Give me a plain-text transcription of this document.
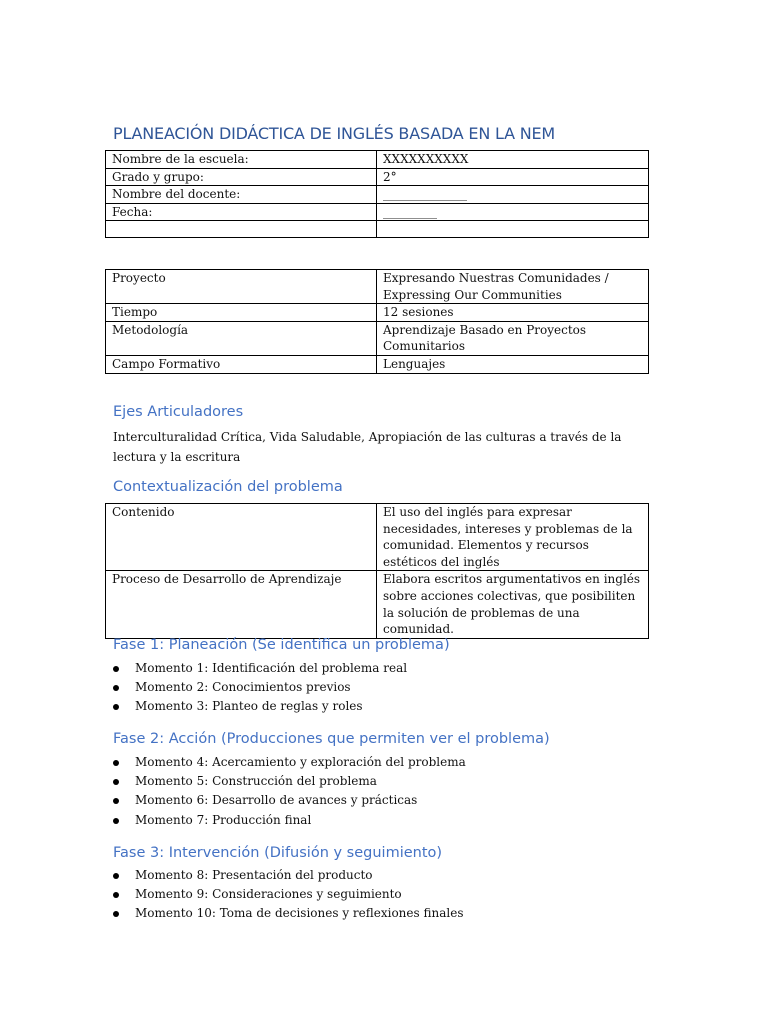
PLANEACIÓN DIDÁCTICA DE INGLÉS BASADA EN LA NEM
Nombre de la escuela:	XXXXXXXXXX
Grado y grupo:	2°
Nombre del docente:	______________
Fecha:	_________

Proyecto	Expresando Nuestras Comunidades / Expressing Our Communities
Tiempo	12 sesiones
Metodología	Aprendizaje Basado en Proyectos Comunitarios
Campo Formativo	Lenguajes
Ejes Articuladores
Interculturalidad Crítica, Vida Saludable, Apropiación de las culturas a través de la lectura y la escritura
Contextualización del problema
Contenido	El uso del inglés para expresar necesidades, intereses y problemas de la comunidad. Elementos y recursos estéticos del inglés
Proceso de Desarrollo de Aprendizaje	Elabora escritos argumentativos en inglés sobre acciones colectivas, que posibiliten la solución de problemas de una comunidad.
Fase 1: Planeación (Se identifica un problema)
Momento 1: Identificación del problema real
Momento 2: Conocimientos previos
Momento 3: Planteo de reglas y roles
Fase 2: Acción (Producciones que permiten ver el problema)
Momento 4: Acercamiento y exploración del problema
Momento 5: Construcción del problema
Momento 6: Desarrollo de avances y prácticas
Momento 7: Producción final
Fase 3: Intervención (Difusión y seguimiento)
Momento 8: Presentación del producto
Momento 9: Consideraciones y seguimiento
Momento 10: Toma de decisiones y reflexiones finales
